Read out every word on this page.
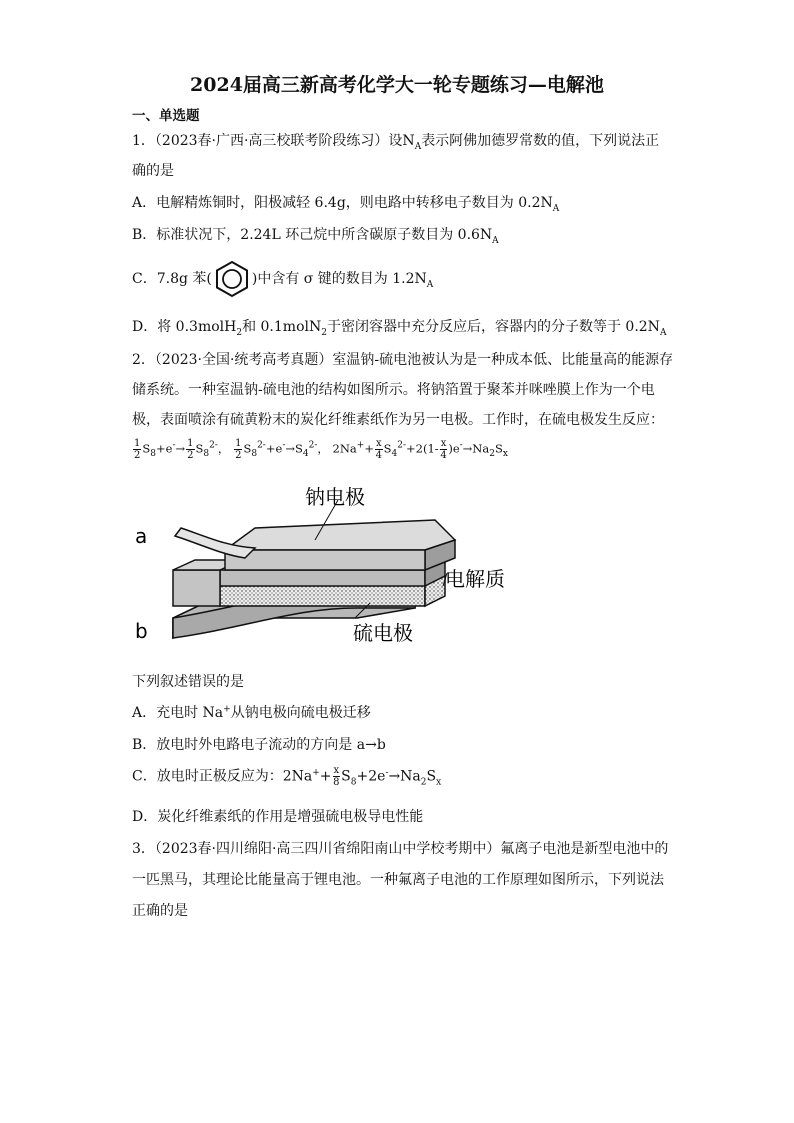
2024届高三新高考化学大一轮专题练习—电解池
一、单选题
1．（2023春·广西·高三校联考阶段练习）设$N_A$表示阿佛加德罗常数的值，下列说法正
确的是
A．电解精炼铜时，阳极减轻 6.4g，则电路中转移电子数目为 $0.2N_A$
B．标准状况下，2.24L 环己烷中所含碳原子数目为 $0.6N_A$
C．7.8g 苯(	)中含有 σ 键的数目为 $1.2N_A$
D．将 0.3molH$_2$和 0.1molN$_2$于密闭容器中充分反应后，容器内的分子数等于 $0.2N_A$
2．（2023·全国·统考高考真题）室温钠-硫电池被认为是一种成本低、比能量高的能源存
储系统。一种室温钠-硫电池的结构如图所示。将钠箔置于聚苯并咪唑膜上作为一个电
极，表面喷涂有硫黄粉末的炭化纤维素纸作为另一电极。工作时，在硫电极发生反应：
$\frac{1}{2} S_8+e^-\to \frac{1}{2} S_8^{2-}$， $\frac{1}{2} S_8^{2-}+e^-\to S_4^{2-}$， $2Na^++ \frac{x}{4} S_4^{2-}+2(1- \frac{x}{4} )e^-\to Na_2S_x$
钠电极
电解质
硫电极
a
b
下列叙述错误的是
A．充电时 Na+从钠电极向硫电极迁移
B．放电时外电路电子流动的方向是 a→b
C．放电时正极反应为：$2Na^++ \frac{x}{8} S_8+2e^-\to Na_2S_x$
D．炭化纤维素纸的作用是增强硫电极导电性能
3．（2023春·四川绵阳·高三四川省绵阳南山中学校考期中）氟离子电池是新型电池中的
一匹黑马，其理论比能量高于锂电池。一种氟离子电池的工作原理如图所示，下列说法
正确的是
